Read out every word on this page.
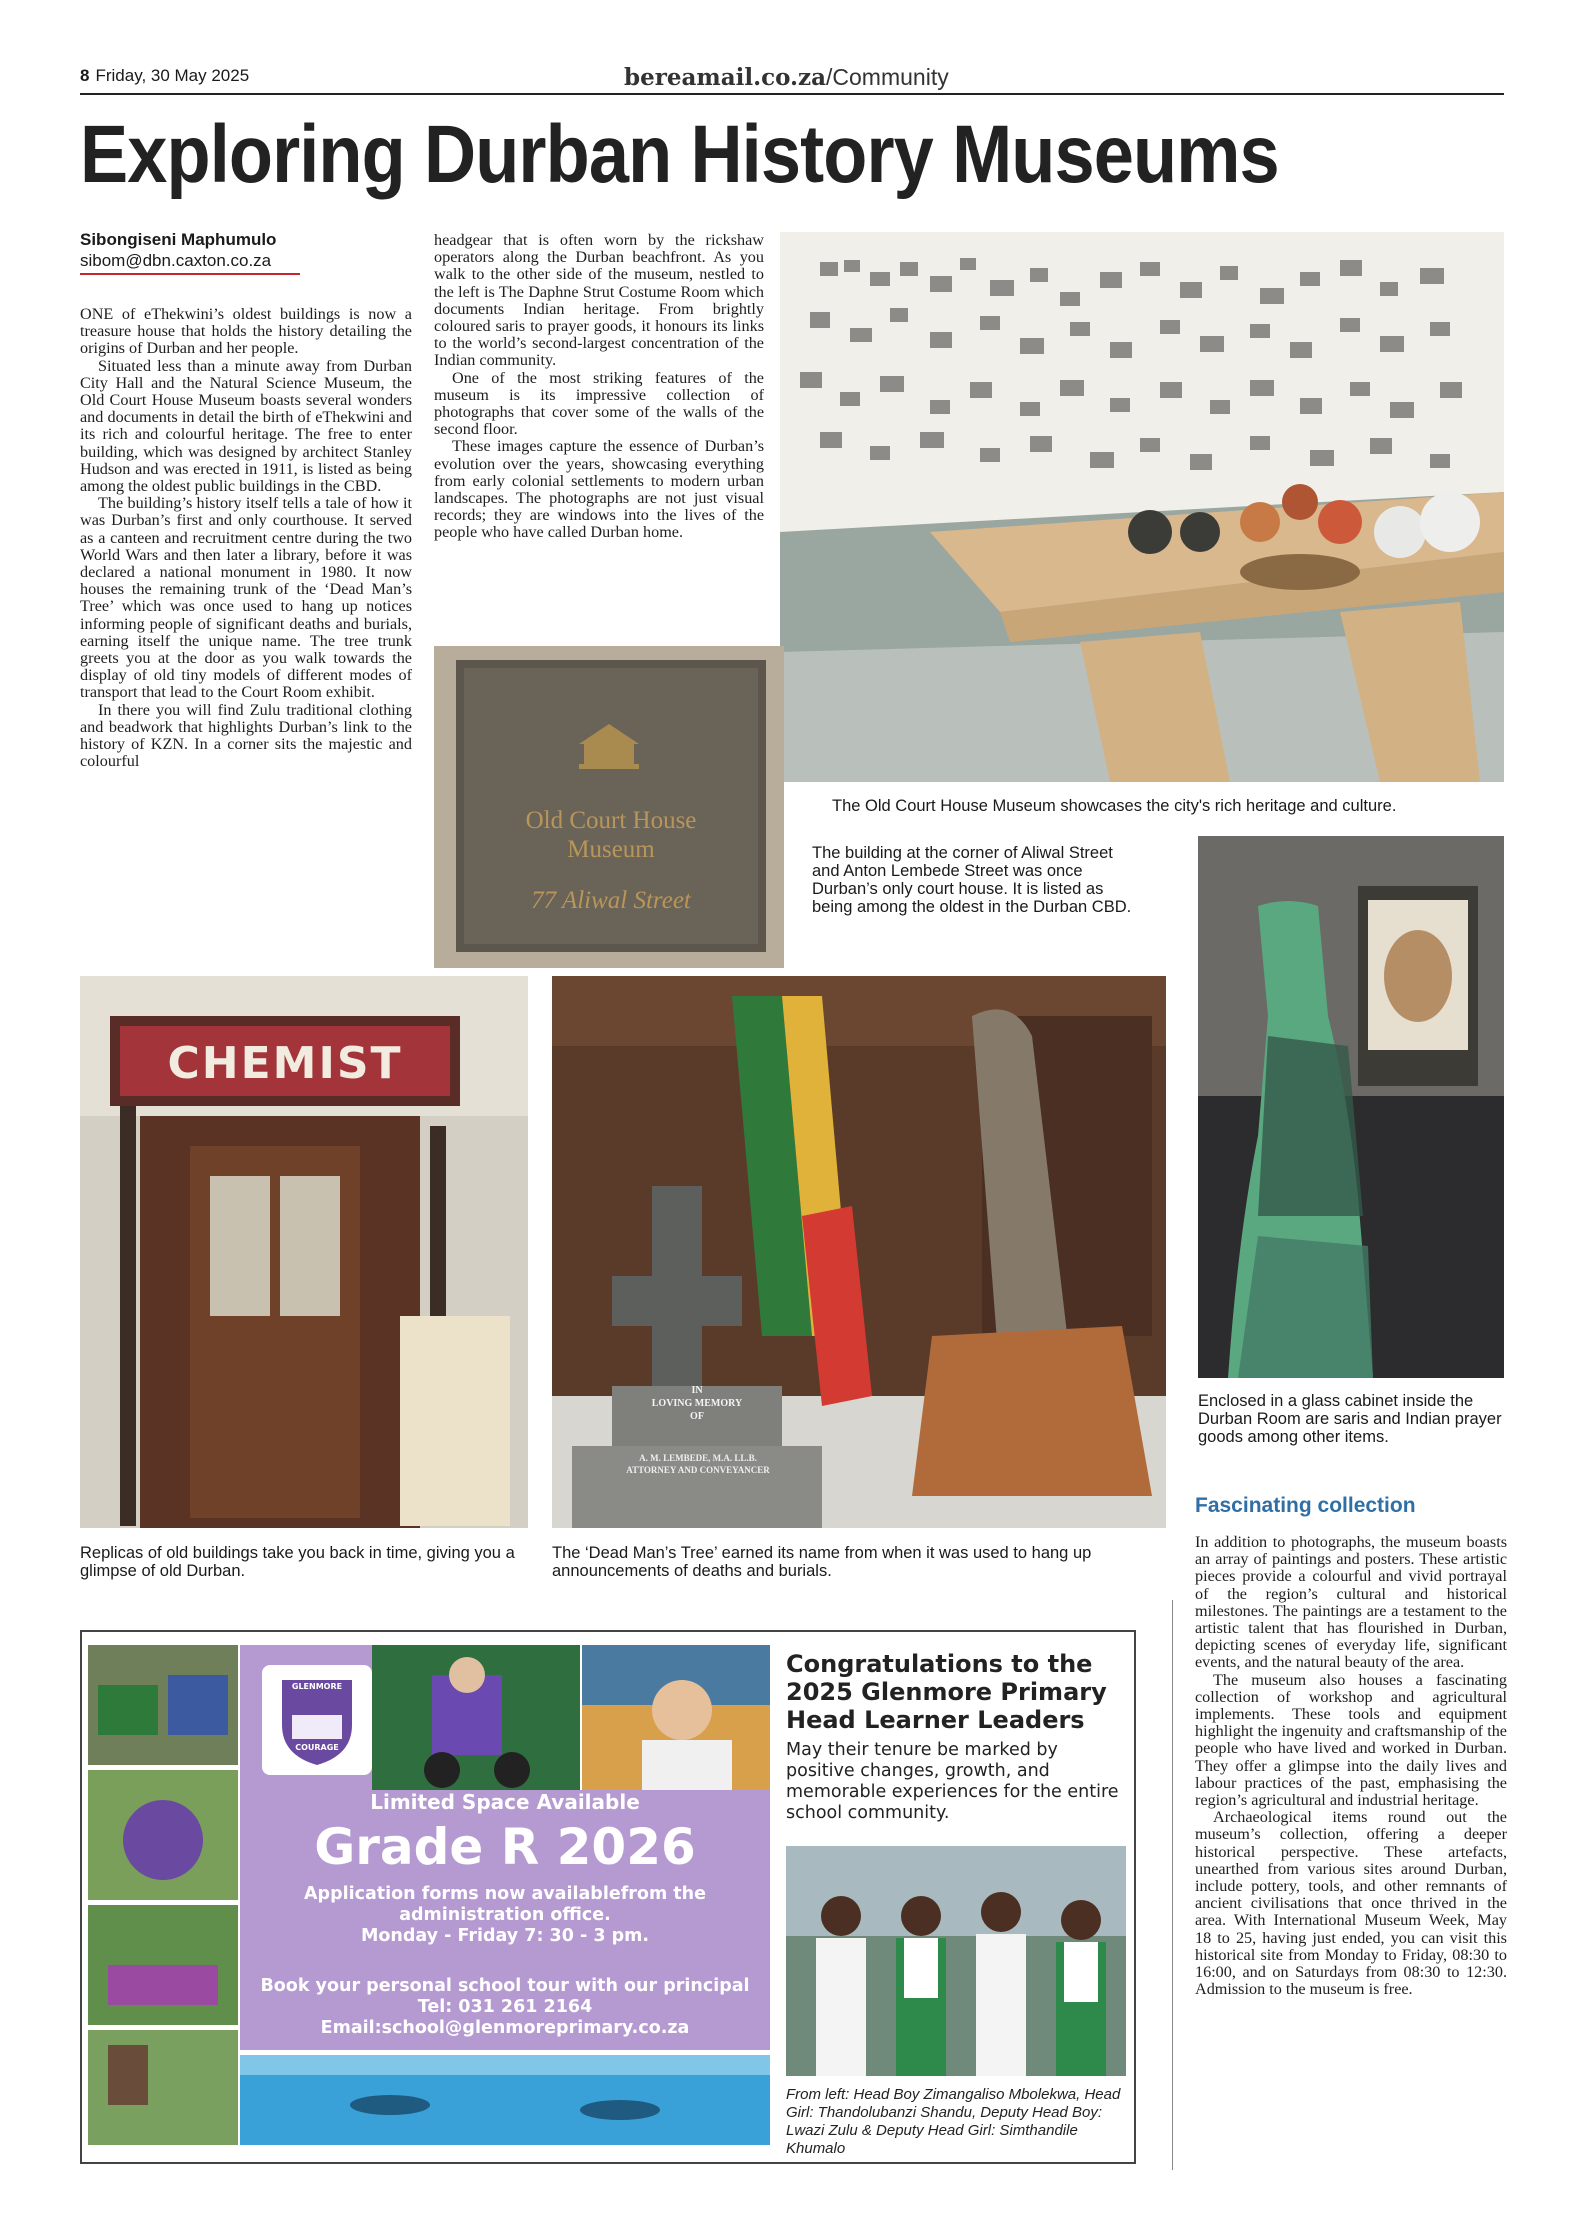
8 Friday, 30 May 2025	bereamail.co.za/Community
Exploring Durban History Museums
Sibongiseni Maphumulo
sibom@dbn.caxton.co.za

ONE of eThekwini’s oldest buildings is now a treasure house that holds the history detailing the origins of Durban and her people.

Situated less than a minute away from Durban City Hall and the Natural Science Museum, the Old Court House Museum boasts several wonders and documents in detail the birth of eThekwini and its rich and colourful heritage. The free to enter building, which was designed by architect Stanley Hudson and was erected in 1911, is listed as being among the oldest public buildings in the CBD.

The building’s history itself tells a tale of how it was Durban’s first and only courthouse. It served as a canteen and recruitment centre during the two World Wars and then later a library, before it was declared a national monument in 1980. It now houses the remaining trunk of the ‘Dead Man’s Tree’ which was once used to hang up notices informing people of significant deaths and burials, earning itself the unique name. The tree trunk greets you at the door as you walk towards the display of old tiny models of different modes of transport that lead to the Court Room exhibit.

In there you will find Zulu traditional clothing and beadwork that highlights Durban’s link to the history of KZN. In a corner sits the majestic and colourful

headgear that is often worn by the rickshaw operators along the Durban beachfront. As you walk to the other side of the museum, nestled to the left is The Daphne Strut Costume Room which documents Indian heritage. From brightly coloured saris to prayer goods, it honours its links to the world’s second-largest concentration of the Indian community.

One of the most striking features of the museum is its impressive collection of photographs that cover some of the walls of the second floor.

These images capture the essence of Durban’s evolution over the years, showcasing everything from early colonial settlements to modern urban landscapes. The photographs are not just visual records; they are windows into the lives of the people who have called Durban home.

The Old Court House Museum showcases the city's rich heritage and culture.
Old Court House
Museum
77 Aliwal Street
The building at the corner of Aliwal Street and Anton Lembede Street was once Durban’s only court house. It is listed as being among the oldest in the Durban CBD.
Enclosed in a glass cabinet inside the Durban Room are saris and Indian prayer goods among other items.
CHEMIST
Replicas of old buildings take you back in time, giving you a glimpse of old Durban.
IN
LOVING MEMORY
OF
A. M. LEMBEDE, M.A. LL.B.
ATTORNEY AND CONVEYANCER
The ‘Dead Man’s Tree’ earned its name from when it was used to hang up announcements of deaths and burials.
Fascinating collection

In addition to photographs, the museum boasts an array of paintings and posters. These artistic pieces provide a colourful and vivid portrayal of the region’s cultural and historical milestones. The paintings are a testament to the artistic talent that has flourished in Durban, depicting scenes of everyday life, significant events, and the natural beauty of the area.

The museum also houses a fascinating collection of workshop and agricultural implements. These tools and equipment highlight the ingenuity and craftsmanship of the people who have lived and worked in Durban. They offer a glimpse into the daily lives and labour practices of the past, emphasising the region’s agricultural and industrial heritage.

Archaeological items round out the museum’s collection, offering a deeper historical perspective. These artefacts, unearthed from various sites around Durban, include pottery, tools, and other remnants of ancient civilisations that once thrived in the area. With International Museum Week, May 18 to 25, having just ended, you can visit this historical site from Monday to Friday, 08:30 to 16:00, and on Saturdays from 08:30 to 12:30. Admission to the museum is free.

GLENMORE
COURAGE
Limited Space Available
Grade R 2026
Application forms now availablefrom the administration office.
Monday - Friday 7: 30 - 3 pm.
Book your personal school tour with our principal
Tel: 031 261 2164
Email:school@glenmoreprimary.co.za
Congratulations to the 2025 Glenmore Primary Head Learner Leaders
May their tenure be marked by positive changes, growth, and memorable experiences for the entire school community.
From left: Head Boy Zimangaliso Mbolekwa, Head Girl: Thandolubanzi Shandu, Deputy Head Boy: Lwazi Zulu & Deputy Head Girl: Simthandile Khumalo
